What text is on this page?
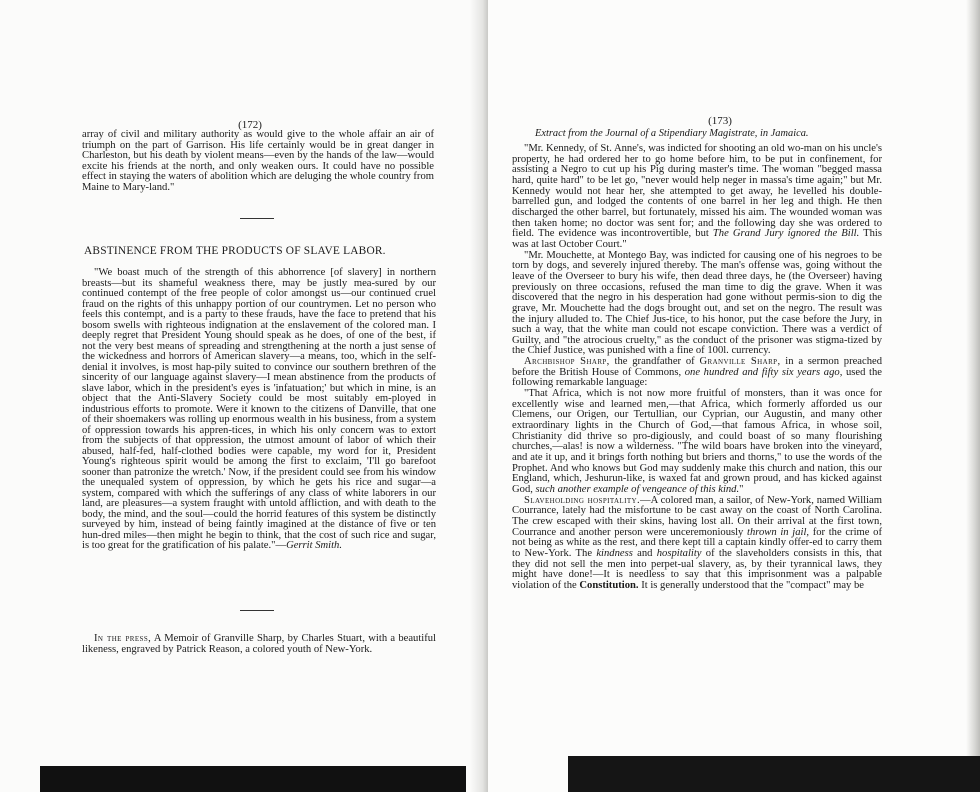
(172)

array of civil and military authority as would give to the whole affair an air of triumph on the part of Garrison. His life certainly would be in great danger in Charleston, but his death by violent means—even by the hands of the law—would excite his friends at the north, and only weaken ours. It could have no possible effect in staying the waters of abolition which are deluging the whole country from Maine to Mary-land."

ABSTINENCE FROM THE PRODUCTS OF SLAVE LABOR.

"We boast much of the strength of this abhorrence [of slavery] in northern breasts—but its shameful weakness there, may be justly mea-sured by our continued contempt of the free people of color amongst us—our continued cruel fraud on the rights of this unhappy portion of our countrymen. Let no person who feels this contempt, and is a party to these frauds, have the face to pretend that his bosom swells with righteous indignation at the enslavement of the colored man. I deeply regret that President Young should speak as he does, of one of the best, if not the very best means of spreading and strengthening at the north a just sense of the wickedness and horrors of American slavery—a means, too, which in the self-denial it involves, is most hap-pily suited to convince our southern brethren of the sincerity of our language against slavery—I mean abstinence from the products of slave labor, which in the president's eyes is 'infatuation;' but which in mine, is an object that the Anti-Slavery Society could be most suitably em-ployed in industrious efforts to promote. Were it known to the citizens of Danville, that one of their shoemakers was rolling up enormous wealth in his business, from a system of oppression towards his appren-tices, in which his only concern was to extort from the subjects of that oppression, the utmost amount of labor of which their abused, half-fed, half-clothed bodies were capable, my word for it, President Young's righteous spirit would be among the first to exclaim, 'I'll go barefoot sooner than patronize the wretch.' Now, if the president could see from his window the unequaled system of oppression, by which he gets his rice and sugar—a system, compared with which the sufferings of any class of white laborers in our land, are pleasures—a system fraught with untold affliction, and with death to the body, the mind, and the soul—could the horrid features of this system be distinctly surveyed by him, instead of being faintly imagined at the distance of five or ten hun-dred miles—then might he begin to think, that the cost of such rice and sugar, is too great for the gratification of his palate."—Gerrit Smith.

In the press, A Memoir of Granville Sharp, by Charles Stuart, with a beautiful likeness, engraved by Patrick Reason, a colored youth of New-York.

(173)
Extract from the Journal of a Stipendiary Magistrate, in Jamaica.

"Mr. Kennedy, of St. Anne's, was indicted for shooting an old wo-man on his uncle's property, he had ordered her to go home before him, to be put in confinement, for assisting a Negro to cut up his Pig during master's time. The woman "begged massa hard, quite hard" to be let go, "never would help neger in massa's time again;" but Mr. Kennedy would not hear her, she attempted to get away, he levelled his double-barrelled gun, and lodged the contents of one barrel in her leg and thigh. He then discharged the other barrel, but fortunately, missed his aim. The wounded woman was then taken home; no doctor was sent for; and the following day she was ordered to field. The evidence was incontrovertible, but The Grand Jury ignored the Bill. This was at last October Court."

"Mr. Mouchette, at Montego Bay, was indicted for causing one of his negroes to be torn by dogs, and severely injured thereby. The man's offense was, going without the leave of the Overseer to bury his wife, then dead three days, he (the Overseer) having previously on three occasions, refused the man time to dig the grave. When it was discovered that the negro in his desperation had gone without permis-sion to dig the grave, Mr. Mouchette had the dogs brought out, and set on the negro. The result was the injury alluded to. The Chief Jus-tice, to his honor, put the case before the Jury, in such a way, that the white man could not escape conviction. There was a verdict of Guilty, and "the atrocious cruelty," as the conduct of the prisoner was stigma-tized by the Chief Justice, was punished with a fine of 100l. currency.

Archbishop Sharp, the grandfather of Granville Sharp, in a sermon preached before the British House of Commons, one hundred and fifty six years ago, used the following remarkable language:

"That Africa, which is not now more fruitful of monsters, than it was once for excellently wise and learned men,—that Africa, which formerly afforded us our Clemens, our Origen, our Tertullian, our Cyprian, our Augustin, and many other extraordinary lights in the Church of God,—that famous Africa, in whose soil, Christianity did thrive so pro-digiously, and could boast of so many flourishing churches,—alas! is now a wilderness. "The wild boars have broken into the vineyard, and ate it up, and it brings forth nothing but briers and thorns," to use the words of the Prophet. And who knows but God may suddenly make this church and nation, this our England, which, Jeshurun-like, is waxed fat and grown proud, and has kicked against God, such another example of vengeance of this kind."

Slaveholding hospitality.—A colored man, a sailor, of New-York, named William Courrance, lately had the misfortune to be cast away on the coast of North Carolina. The crew escaped with their skins, having lost all. On their arrival at the first town, Courrance and another person were unceremoniously thrown in jail, for the crime of not being as white as the rest, and there kept till a captain kindly offer-ed to carry them to New-York. The kindness and hospitality of the slaveholders consists in this, that they did not sell the men into perpet-ual slavery, as, by their tyrannical laws, they might have done!—It is needless to say that this imprisonment was a palpable violation of the Constitution. It is generally understood that the "compact" may be
